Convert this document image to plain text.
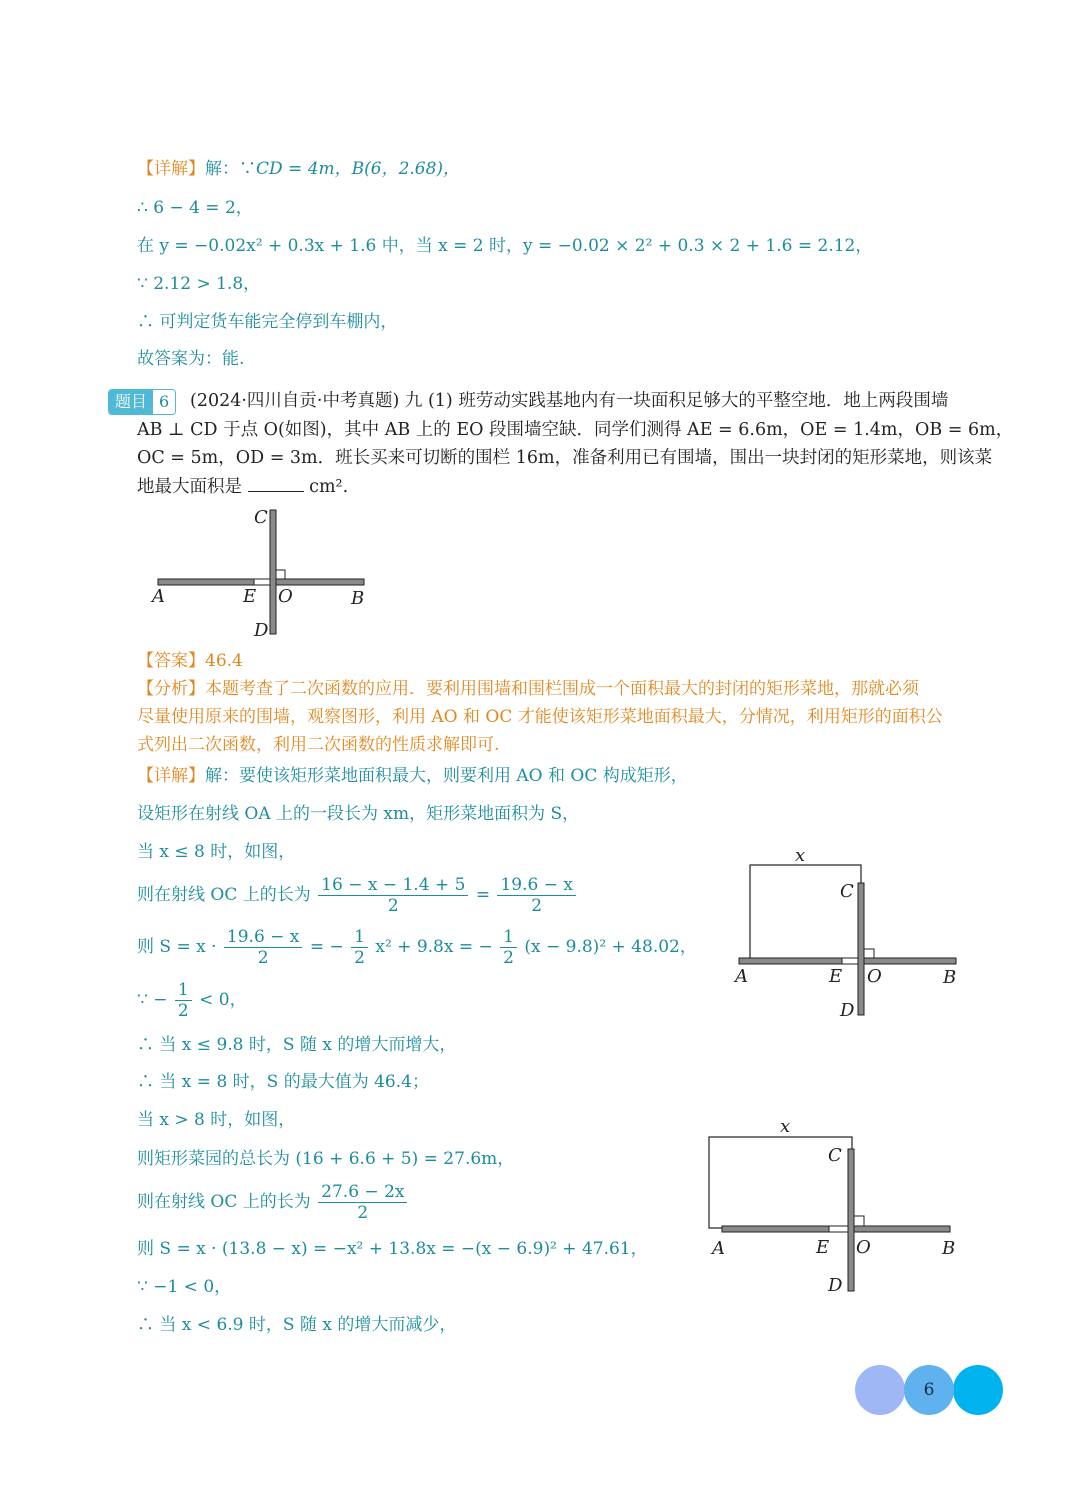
【详解】解：∵CD = 4m，B(6，2.68)，
∴ 6 − 4 = 2，
在 y = −0.02x² + 0.3x + 1.6 中，当 x = 2 时，y = −0.02 × 2² + 0.3 × 2 + 1.6 = 2.12，
∵ 2.12 > 1.8，
∴ 可判定货车能完全停到车棚内，
故答案为：能.
题目 6	(2024·四川自贡·中考真题) 九 (1) 班劳动实践基地内有一块面积足够大的平整空地．地上两段围墙
AB ⊥ CD 于点 O(如图)，其中 AB 上的 EO 段围墙空缺．同学们测得 AE = 6.6m，OE = 1.4m，OB = 6m，
OC = 5m，OD = 3m．班长买来可切断的围栏 16m，准备利用已有围墙，围出一块封闭的矩形菜地，则该菜
地最大面积是	cm².
C
A	E O	B
D
【答案】46.4
【分析】本题考查了二次函数的应用．要利用围墙和围栏围成一个面积最大的封闭的矩形菜地，那就必须
尽量使用原来的围墙，观察图形，利用 AO 和 OC 才能使该矩形菜地面积最大，分情况，利用矩形的面积公
式列出二次函数，利用二次函数的性质求解即可.
【详解】解：要使该矩形菜地面积最大，则要利用 AO 和 OC 构成矩形，
设矩形在射线 OA 上的一段长为 xm，矩形菜地面积为 S，
当 x ≤ 8 时，如图，
则在射线 OC 上的长为 $\frac{16 - x - 1.4 + 5}{2} = \frac{19.6 - x}{2}$
则 $S = x \cdot \frac{19.6 - x}{2}$ = − $\frac{1}{2} x^2 + 9.8x$ = − $\frac{1}{2} (x - 9.8)^2 + 48.02$，
∵ − $\frac{1}{2} < 0$，
∴ 当 x ≤ 9.8 时，S 随 x 的增大而增大，
∴ 当 x = 8 时，S 的最大值为 46.4；
当 x > 8 时，如图，
则矩形菜园的总长为 (16 + 6.6 + 5) = 27.6m，
则在射线 OC 上的长为 $\frac{27.6 - 2x}{2}$
则 S = x · (13.8 − x) = −x² + 13.8x = −(x − 6.9)² + 47.61，
∵ −1 < 0，
∴ 当 x < 6.9 时，S 随 x 的增大而减少，
x
C
A	E O	B
D
x
C
A	E O	B
D
6
